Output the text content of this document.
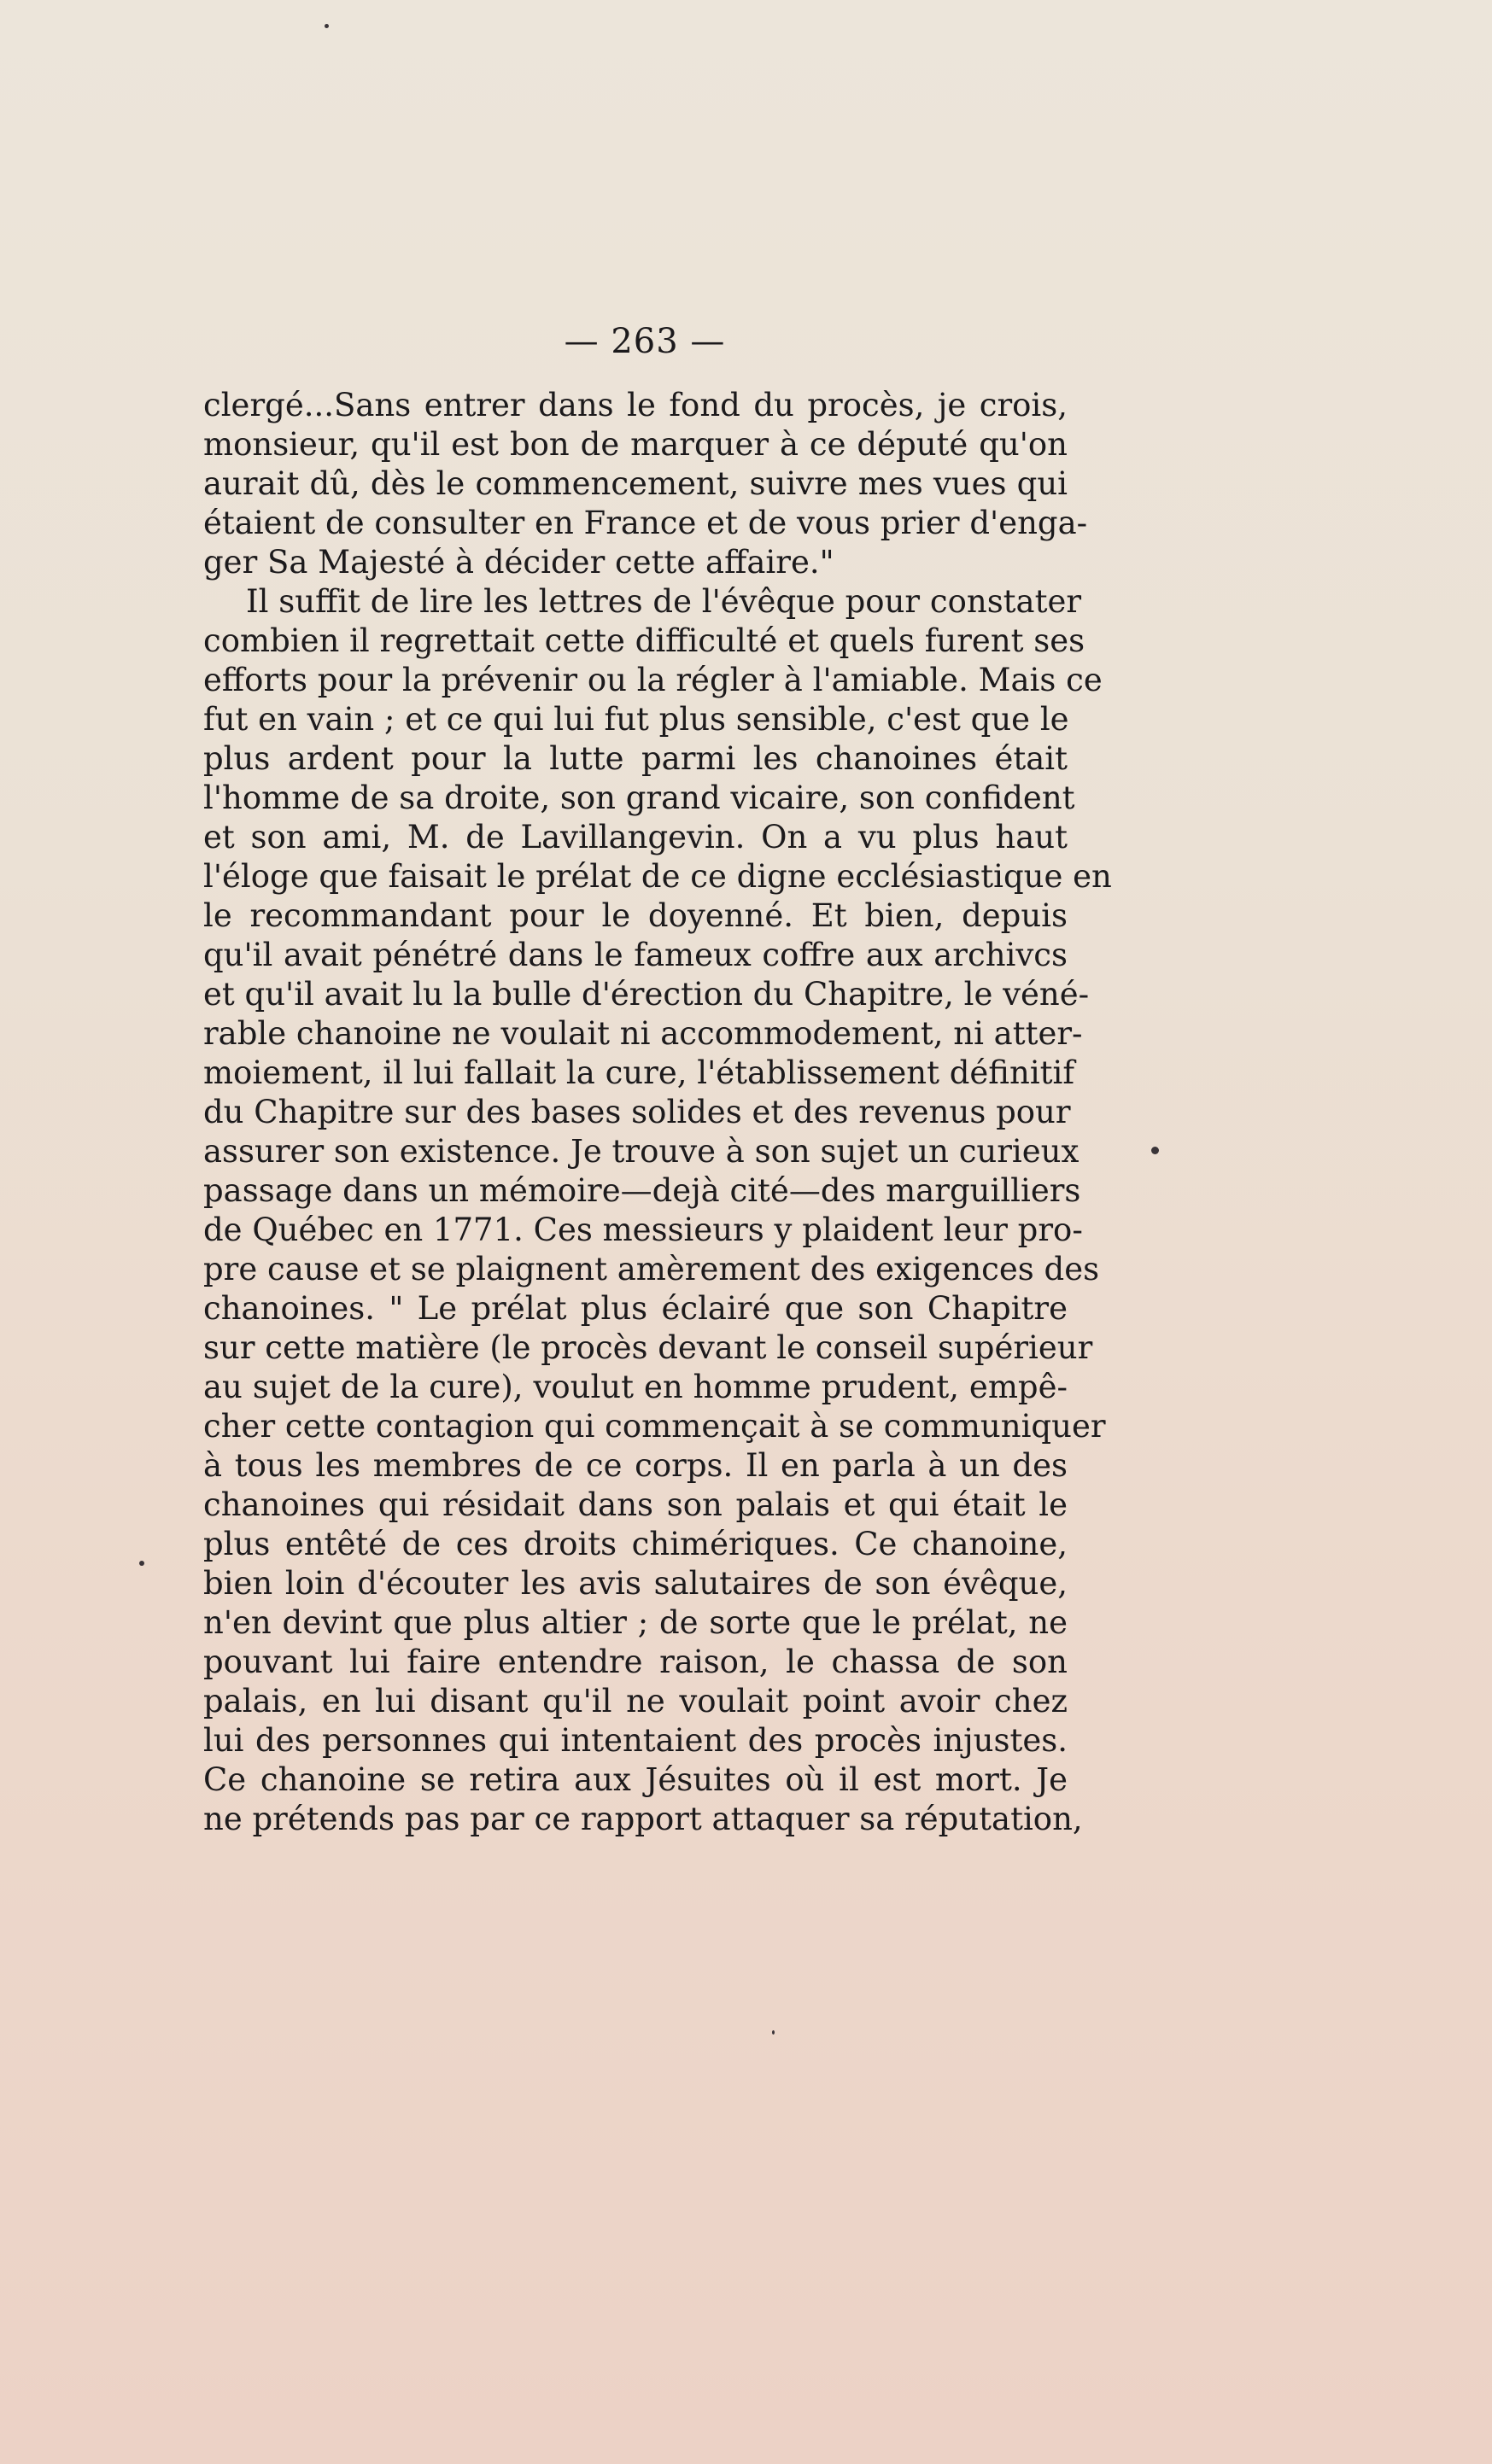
— 263 —
clergé...Sans entrer dans le fond du procès, je crois,
monsieur, qu'il est bon de marquer à ce député qu'on
aurait dû, dès le commencement, suivre mes vues qui
étaient de consulter en France et de vous prier d'enga-
ger Sa Majesté à décider cette affaire."
Il suffit de lire les lettres de l'évêque pour constater
combien il regrettait cette difficulté et quels furent ses
efforts pour la prévenir ou la régler à l'amiable. Mais ce
fut en vain ; et ce qui lui fut plus sensible, c'est que le
plus ardent pour la lutte parmi les chanoines était
l'homme de sa droite, son grand vicaire, son confident
et son ami, M. de Lavillangevin. On a vu plus haut
l'éloge que faisait le prélat de ce digne ecclésiastique en
le recommandant pour le doyenné. Et bien, depuis
qu'il avait pénétré dans le fameux coffre aux archivcs
et qu'il avait lu la bulle d'érection du Chapitre, le véné-
rable chanoine ne voulait ni accommodement, ni atter-
moiement, il lui fallait la cure, l'établissement définitif
du Chapitre sur des bases solides et des revenus pour
assurer son existence. Je trouve à son sujet un curieux
passage dans un mémoire—dejà cité—des marguilliers
de Québec en 1771. Ces messieurs y plaident leur pro-
pre cause et se plaignent amèrement des exigences des
chanoines. " Le prélat plus éclairé que son Chapitre
sur cette matière (le procès devant le conseil supérieur
au sujet de la cure), voulut en homme prudent, empê-
cher cette contagion qui commençait à se communiquer
à tous les membres de ce corps. Il en parla à un des
chanoines qui résidait dans son palais et qui était le
plus entêté de ces droits chimériques. Ce chanoine,
bien loin d'écouter les avis salutaires de son évêque,
n'en devint que plus altier ; de sorte que le prélat, ne
pouvant lui faire entendre raison, le chassa de son
palais, en lui disant qu'il ne voulait point avoir chez
lui des personnes qui intentaient des procès injustes.
Ce chanoine se retira aux Jésuites où il est mort. Je
ne prétends pas par ce rapport attaquer sa réputation,
